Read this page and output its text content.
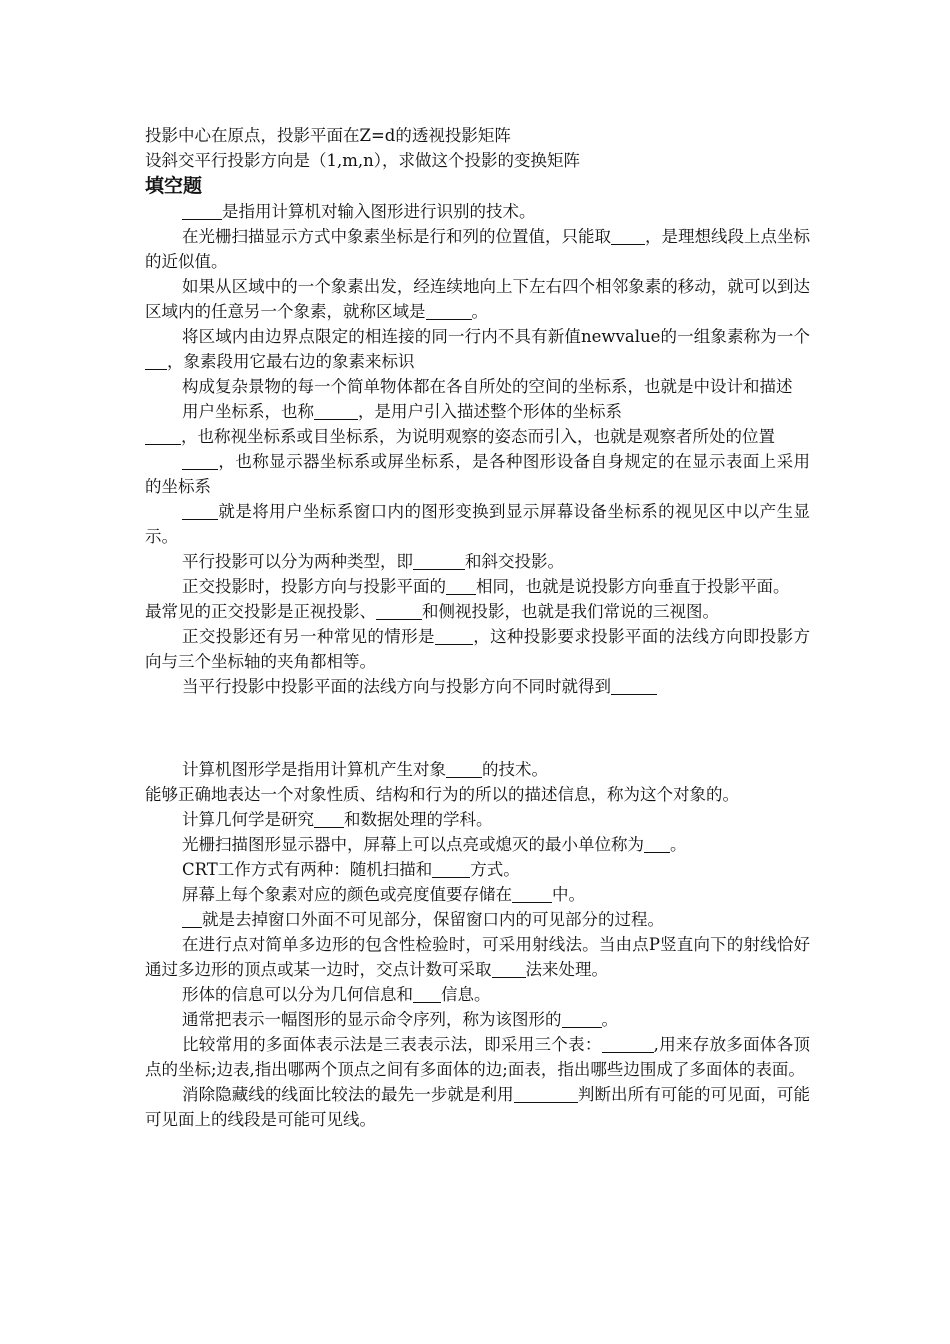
投影中心在原点，投影平面在Z=d的透视投影矩阵

设斜交平行投影方向是（1,m,n），求做这个投影的变换矩阵

填空题

是指用计算机对输入图形进行识别的技术。

在光栅扫描显示方式中象素坐标是行和列的位置值，只能取 ，是理想线段上点坐标的近似值。

如果从区域中的一个象素出发，经连续地向上下左右四个相邻象素的移动，就可以到达区域内的任意另一个象素，就称区域是	。

将区域内由边界点限定的相连接的同一行内不具有新值newvalue的一组象素称为一个，象素段用它最右边的象素来标识

构成复杂景物的每一个简单物体都在各自所处的空间的坐标系，也就是中设计和描述

用户坐标系，也称	，是用户引入描述整个形体的坐标系

，也称视坐标系或目坐标系，为说明观察的姿态而引入，也就是观察者所处的位置

，也称显示器坐标系或屏坐标系，是各种图形设备自身规定的在显示表面上采用的坐标系

就是将用户坐标系窗口内的图形变换到显示屏幕设备坐标系的视见区中以产生显示。

平行投影可以分为两种类型，即	和斜交投影。

正交投影时，投影方向与投影平面的 相同，也就是说投影方向垂直于投影平面。

最常见的正交投影是正视投影、	和侧视投影，也就是我们常说的三视图。

正交投影还有另一种常见的情形是 ，这种投影要求投影平面的法线方向即投影方向与三个坐标轴的夹角都相等。

当平行投影中投影平面的法线方向与投影方向不同时就得到

计算机图形学是指用计算机产生对象 的技术。

能够正确地表达一个对象性质、结构和行为的所以的描述信息，称为这个对象的。

计算几何学是研究 和数据处理的学科。

光栅扫描图形显示器中，屏幕上可以点亮或熄灭的最小单位称为 。

CRT工作方式有两种：随机扫描和 方式。

屏幕上每个象素对应的颜色或亮度值要存储在 中。

就是去掉窗口外面不可见部分，保留窗口内的可见部分的过程。

在进行点对简单多边形的包含性检验时，可采用射线法。当由点P竖直向下的射线恰好通过多边形的顶点或某一边时，交点计数可采取 法来处理。

形体的信息可以分为几何信息和 信息。

通常把表示一幅图形的显示命令序列，称为该图形的 。

比较常用的多面体表示法是三表表示法，即采用三个表：	,用来存放多面体各顶点的坐标;边表,指出哪两个顶点之间有多面体的边;面表，指出哪些边围成了多面体的表面。

消除隐藏线的线面比较法的最先一步就是利用	判断出所有可能的可见面，可能可见面上的线段是可能可见线。
